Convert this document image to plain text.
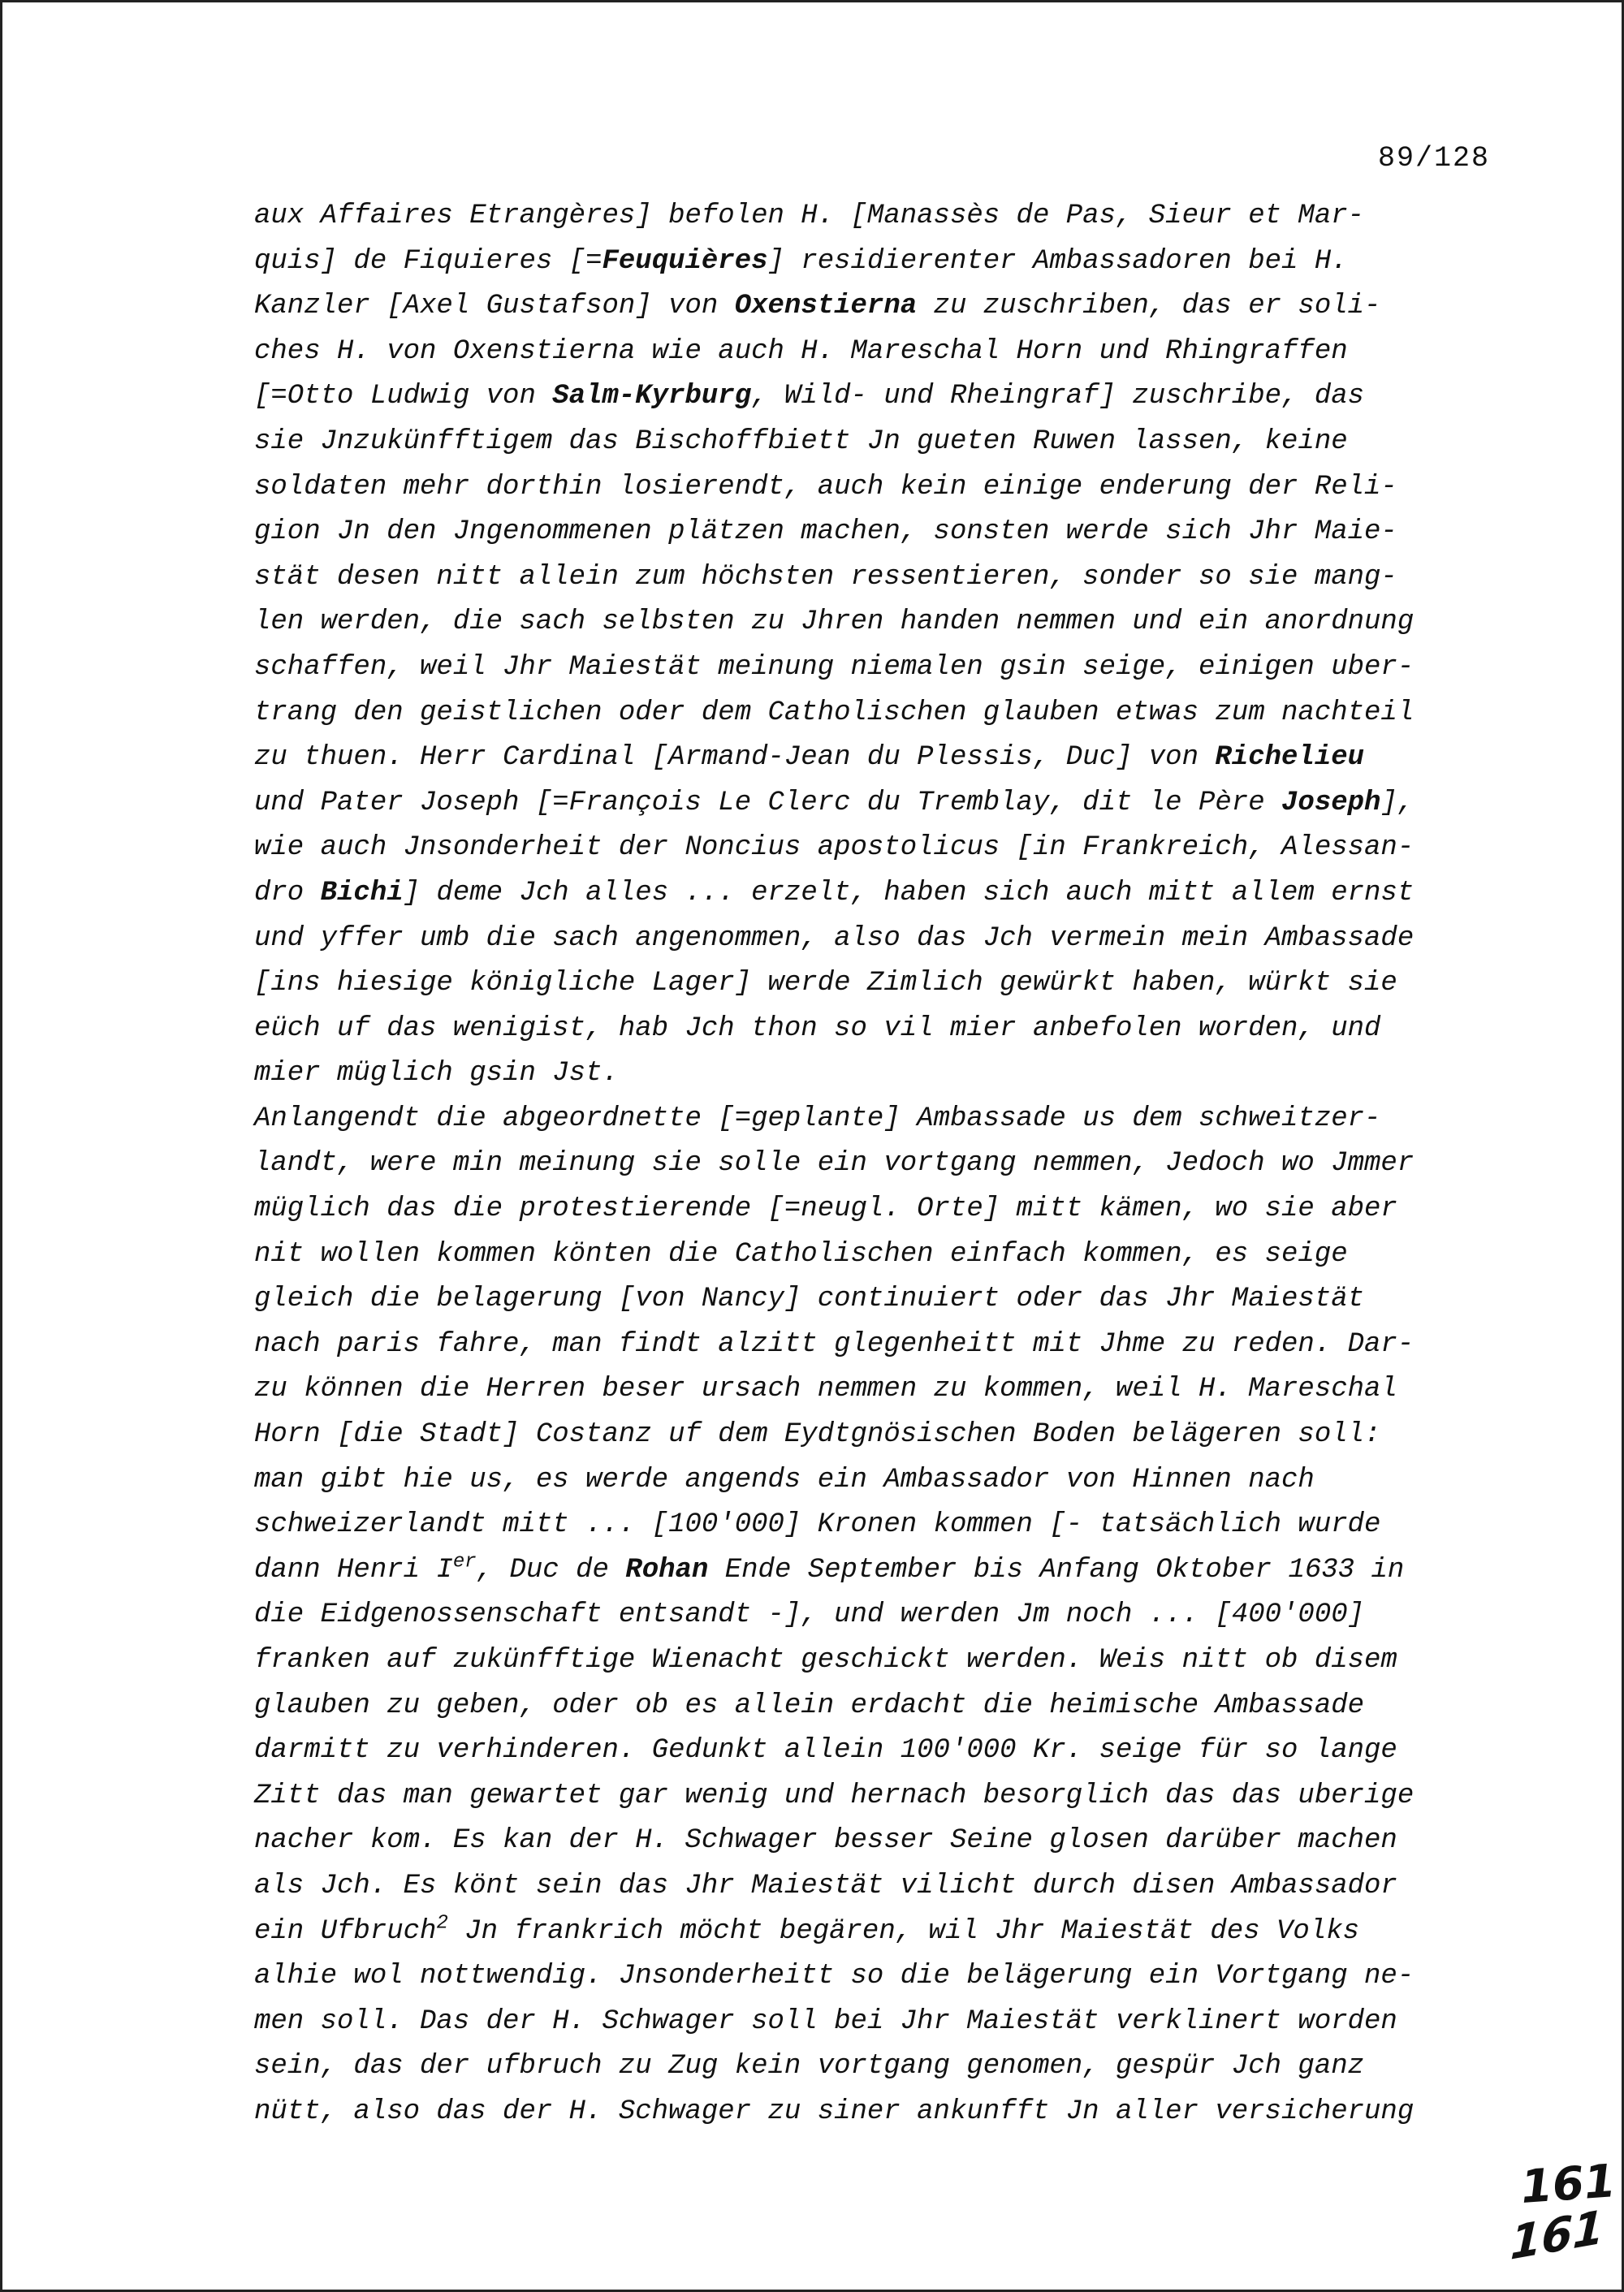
89/128
aux Affaires Etrangères] befolen H. [Manassès de Pas, Sieur et Mar-
quis] de Fiquieres [=Feuquières] residierenter Ambassadoren bei H.
Kanzler [Axel Gustafson] von Oxenstierna zu zuschriben, das er soli-
ches H. von Oxenstierna wie auch H. Mareschal Horn und Rhingraffen
[=Otto Ludwig von Salm-Kyrburg, Wild- und Rheingraf] zuschribe, das
sie Jnzukünfftigem das Bischoffbiett Jn gueten Ruwen lassen, keine
soldaten mehr dorthin losierendt, auch kein einige enderung der Reli-
gion Jn den Jngenommenen plätzen machen, sonsten werde sich Jhr Maie-
stät desen nitt allein zum höchsten ressentieren, sonder so sie mang-
len werden, die sach selbsten zu Jhren handen nemmen und ein anordnung
schaffen, weil Jhr Maiestät meinung niemalen gsin seige, einigen uber-
trang den geistlichen oder dem Catholischen glauben etwas zum nachteil
zu thuen. Herr Cardinal [Armand-Jean du Plessis, Duc] von Richelieu
und Pater Joseph [=François Le Clerc du Tremblay, dit le Père Joseph],
wie auch Jnsonderheit der Noncius apostolicus [in Frankreich, Alessan-
dro Bichi] deme Jch alles ... erzelt, haben sich auch mitt allem ernst
und yffer umb die sach angenommen, also das Jch vermein mein Ambassade
[ins hiesige königliche Lager] werde Zimlich gewürkt haben, würkt sie
eüch uf das wenigist, hab Jch thon so vil mier anbefolen worden, und
mier müglich gsin Jst.
Anlangendt die abgeordnette [=geplante] Ambassade us dem schweitzer-
landt, were min meinung sie solle ein vortgang nemmen, Jedoch wo Jmmer
müglich das die protestierende [=neugl. Orte] mitt kämen, wo sie aber
nit wollen kommen könten die Catholischen einfach kommen, es seige
gleich die belagerung [von Nancy] continuiert oder das Jhr Maiestät
nach paris fahre, man findt alzitt glegenheitt mit Jhme zu reden. Dar-
zu können die Herren beser ursach nemmen zu kommen, weil H. Mareschal
Horn [die Stadt] Costanz uf dem Eydtgnösischen Boden belägeren soll:
man gibt hie us, es werde angends ein Ambassador von Hinnen nach
schweizerlandt mitt ... [100'000] Kronen kommen [- tatsächlich wurde
dann Henri Ier, Duc de Rohan Ende September bis Anfang Oktober 1633 in
die Eidgenossenschaft entsandt -], und werden Jm noch ... [400'000]
franken auf zukünfftige Wienacht geschickt werden. Weis nitt ob disem
glauben zu geben, oder ob es allein erdacht die heimische Ambassade
darmitt zu verhinderen. Gedunkt allein 100'000 Kr. seige für so lange
Zitt das man gewartet gar wenig und hernach besorglich das das uberige
nacher kom. Es kan der H. Schwager besser Seine glosen darüber machen
als Jch. Es könt sein das Jhr Maiestät vilicht durch disen Ambassador
ein Ufbruch$^2$ Jn frankrich möcht begären, wil Jhr Maiestät des Volks
alhie wol nottwendig. Jnsonderheitt so die belägerung ein Vortgang ne-
men soll. Das der H. Schwager soll bei Jhr Maiestät verklinert worden
sein, das der ufbruch zu Zug kein vortgang genomen, gespür Jch ganz
nütt, also das der H. Schwager zu siner ankunfft Jn aller versicherung
161
161
